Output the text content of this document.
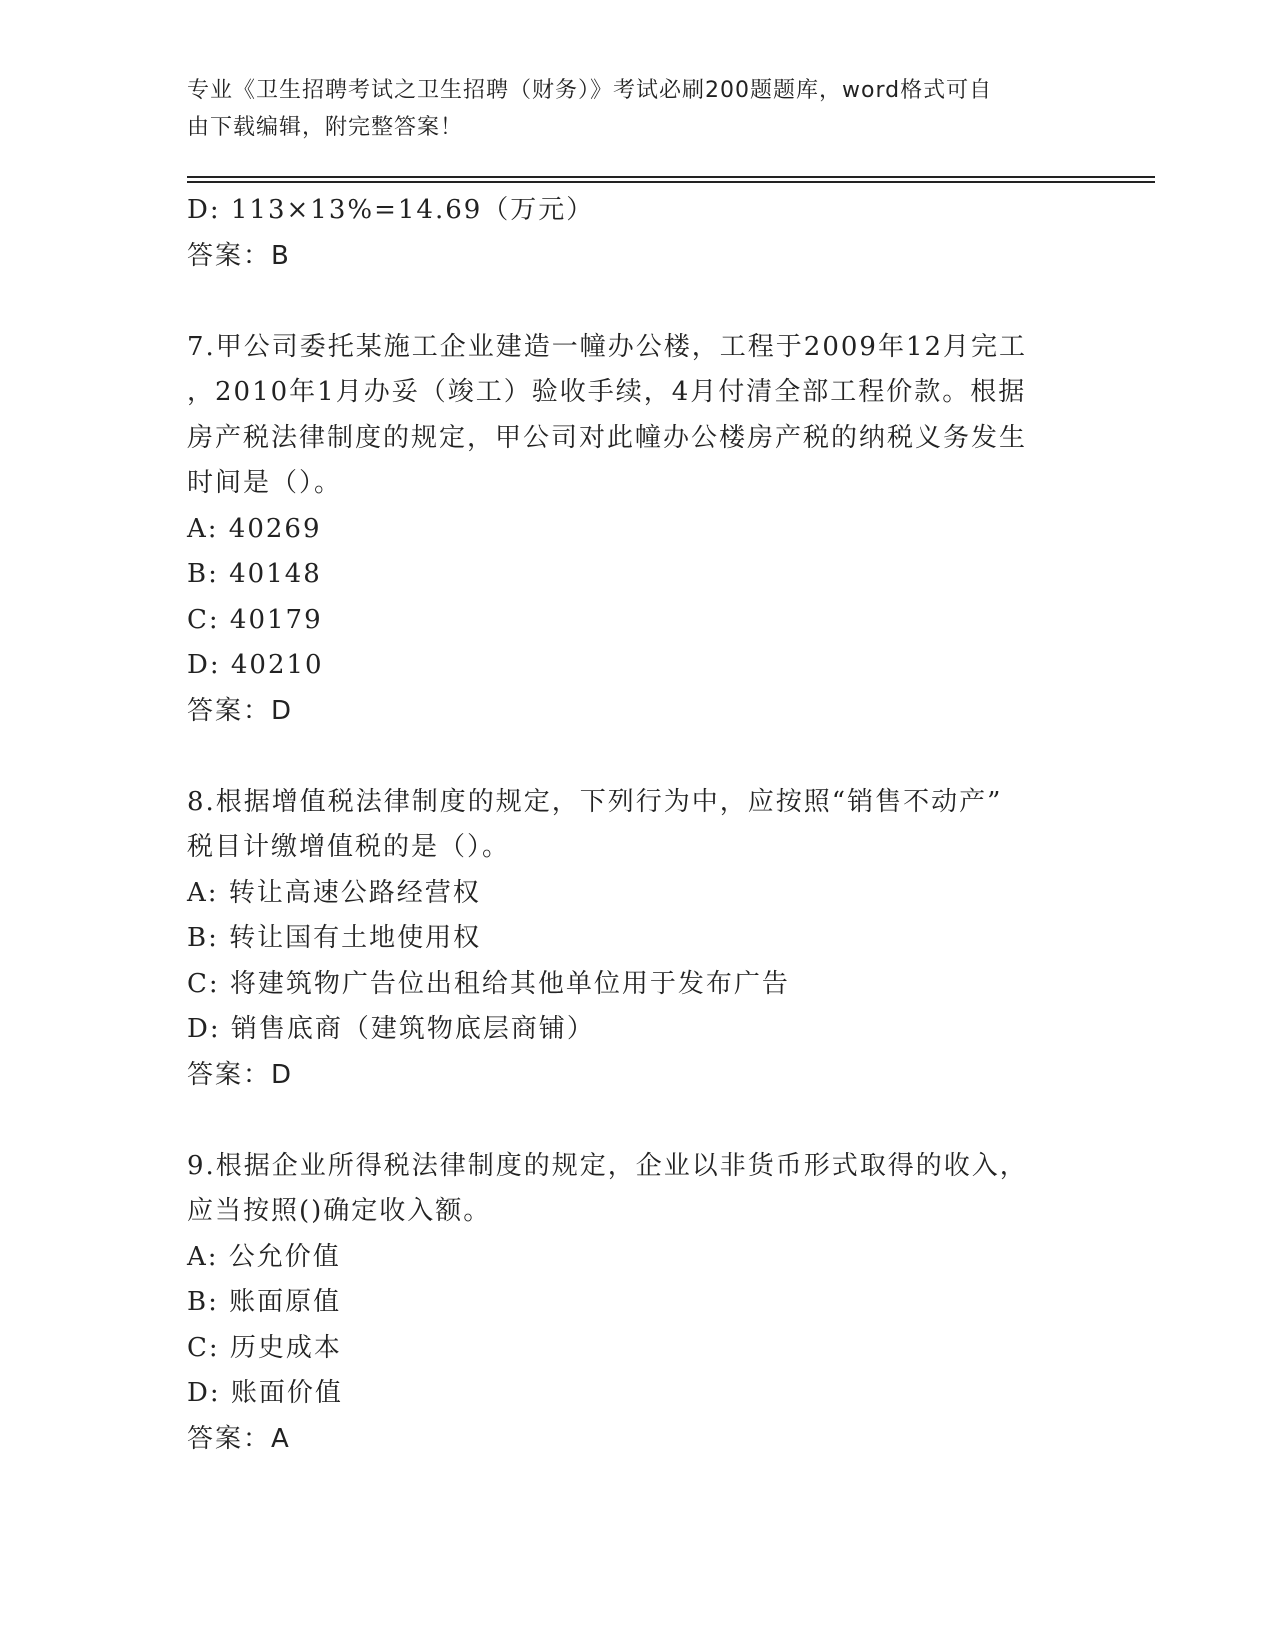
专业《卫生招聘考试之卫生招聘（财务）》考试必刷200题题库，word格式可自
由下载编辑，附完整答案！
D: 113×13%=14.69（万元）
答案：B
7.甲公司委托某施工企业建造一幢办公楼，工程于2009年12月完工
，2010年1月办妥（竣工）验收手续，4月付清全部工程价款。根据
房产税法律制度的规定，甲公司对此幢办公楼房产税的纳税义务发生
时间是（）。
A: 40269
B: 40148
C: 40179
D: 40210
答案：D
8.根据增值税法律制度的规定，下列行为中，应按照“销售不动产”
税目计缴增值税的是（）。
A: 转让高速公路经营权
B: 转让国有土地使用权
C: 将建筑物广告位出租给其他单位用于发布广告
D: 销售底商（建筑物底层商铺）
答案：D
9.根据企业所得税法律制度的规定，企业以非货币形式取得的收入，
应当按照()确定收入额。
A: 公允价值
B: 账面原值
C: 历史成本
D: 账面价值
答案：A
